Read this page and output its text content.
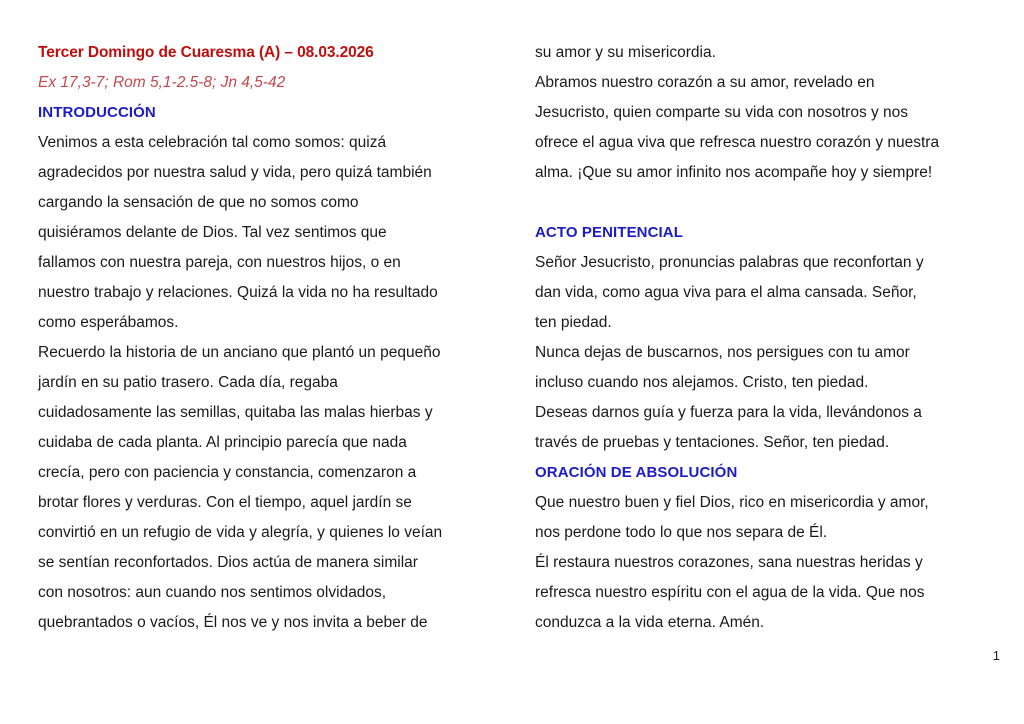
Tercer Domingo de Cuaresma (A) – 08.03.2026
Ex 17,3-7; Rom 5,1-2.5-8; Jn 4,5-42
INTRODUCCIÓN

Venimos a esta celebración tal como somos: quizá
agradecidos por nuestra salud y vida, pero quizá también
cargando la sensación de que no somos como
quisiéramos delante de Dios. Tal vez sentimos que
fallamos con nuestra pareja, con nuestros hijos, o en
nuestro trabajo y relaciones. Quizá la vida no ha resultado
como esperábamos.

Recuerdo la historia de un anciano que plantó un pequeño
jardín en su patio trasero. Cada día, regaba
cuidadosamente las semillas, quitaba las malas hierbas y
cuidaba de cada planta. Al principio parecía que nada
crecía, pero con paciencia y constancia, comenzaron a
brotar flores y verduras. Con el tiempo, aquel jardín se
convirtió en un refugio de vida y alegría, y quienes lo veían
se sentían reconfortados. Dios actúa de manera similar
con nosotros: aun cuando nos sentimos olvidados,
quebrantados o vacíos, Él nos ve y nos invita a beber de

su amor y su misericordia.

Abramos nuestro corazón a su amor, revelado en
Jesucristo, quien comparte su vida con nosotros y nos
ofrece el agua viva que refresca nuestro corazón y nuestra
alma. ¡Que su amor infinito nos acompañe hoy y siempre!

ACTO PENITENCIAL

Señor Jesucristo, pronuncias palabras que reconfortan y
dan vida, como agua viva para el alma cansada. Señor,
ten piedad.

Nunca dejas de buscarnos, nos persigues con tu amor
incluso cuando nos alejamos. Cristo, ten piedad.

Deseas darnos guía y fuerza para la vida, llevándonos a
través de pruebas y tentaciones. Señor, ten piedad.

ORACIÓN DE ABSOLUCIÓN

Que nuestro buen y fiel Dios, rico en misericordia y amor,
nos perdone todo lo que nos separa de Él.

Él restaura nuestros corazones, sana nuestras heridas y
refresca nuestro espíritu con el agua de la vida. Que nos
conduzca a la vida eterna. Amén.

1
